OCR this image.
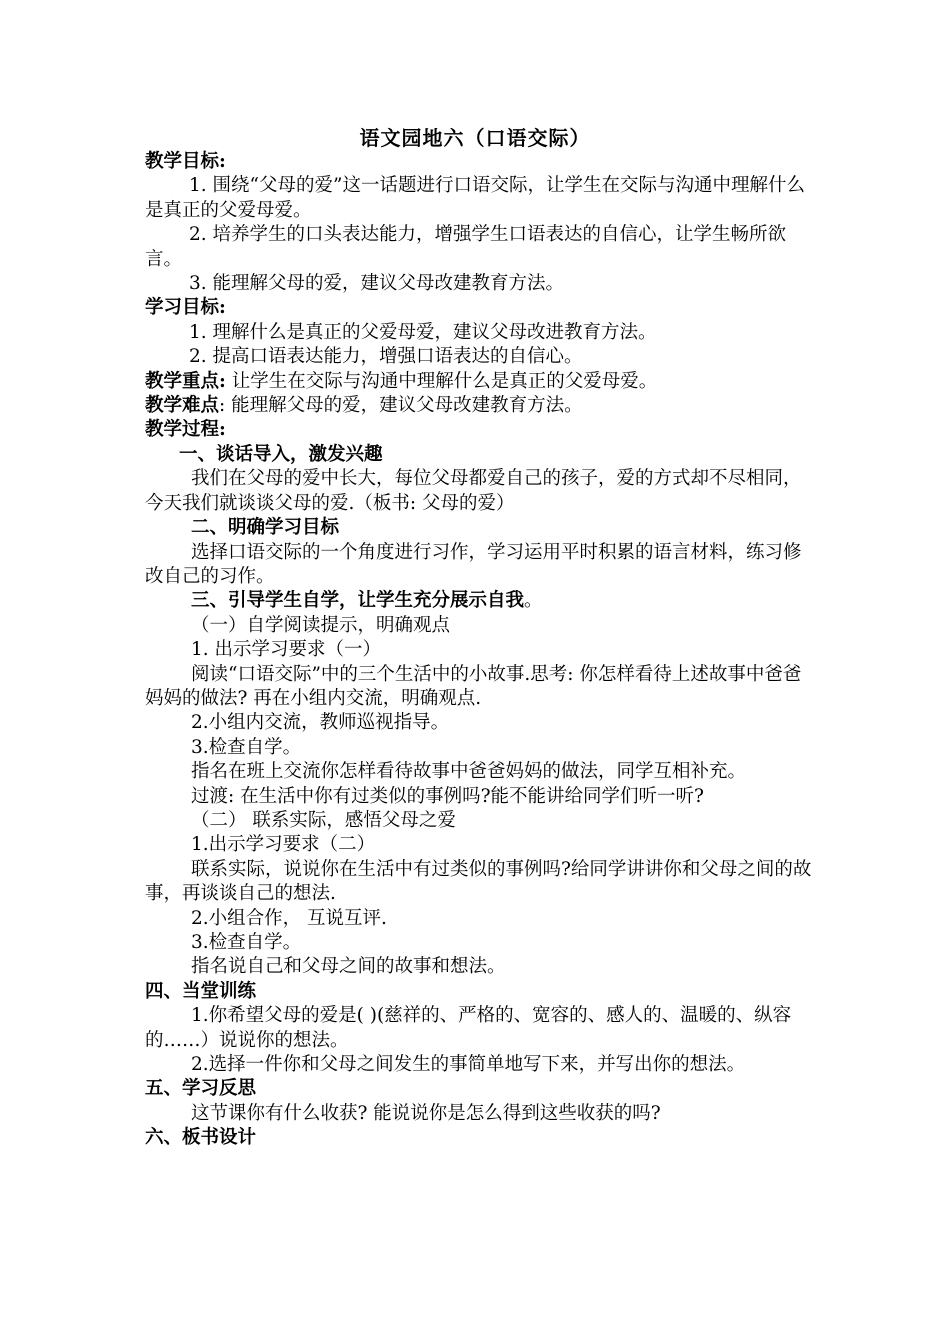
语文园地六（口语交际）

教学目标:

1. 围绕“父母的爱”这一话题进行口语交际，让学生在交际与沟通中理解什么是真正的父爱母爱。

2. 培养学生的口头表达能力，增强学生口语表达的自信心，让学生畅所欲言。

3. 能理解父母的爱，建议父母改建教育方法。

学习目标:

1. 理解什么是真正的父爱母爱，建议父母改进教育方法。

2. 提高口语表达能力，增强口语表达的自信心。

教学重点: 让学生在交际与沟通中理解什么是真正的父爱母爱。

教学难点: 能理解父母的爱，建议父母改建教育方法。

教学过程:

一、谈话导入，激发兴趣

我们在父母的爱中长大，每位父母都爱自己的孩子，爱的方式却不尽相同，今天我们就谈谈父母的爱.（板书: 父母的爱）

二、明确学习目标

选择口语交际的一个角度进行习作，学习运用平时积累的语言材料，练习修改自己的习作。

三、引导学生自学，让学生充分展示自我。

（一）自学阅读提示，明确观点

1. 出示学习要求（一）

阅读“口语交际”中的三个生活中的小故事.思考: 你怎样看待上述故事中爸爸妈妈的做法? 再在小组内交流，明确观点.

2.小组内交流，教师巡视指导。

3.检查自学。

指名在班上交流你怎样看待故事中爸爸妈妈的做法，同学互相补充。

过渡: 在生活中你有过类似的事例吗?能不能讲给同学们听一听?

（二） 联系实际，感悟父母之爱

1.出示学习要求（二）

联系实际，说说你在生活中有过类似的事例吗?给同学讲讲你和父母之间的故事，再谈谈自己的想法.

2.小组合作， 互说互评.

3.检查自学。

指名说自己和父母之间的故事和想法。

四、当堂训练

1.你希望父母的爱是( )(慈祥的、严格的、宽容的、感人的、温暖的、纵容的……）说说你的想法。

2.选择一件你和父母之间发生的事简单地写下来，并写出你的想法。

五、学习反思

这节课你有什么收获? 能说说你是怎么得到这些收获的吗?

六、板书设计
